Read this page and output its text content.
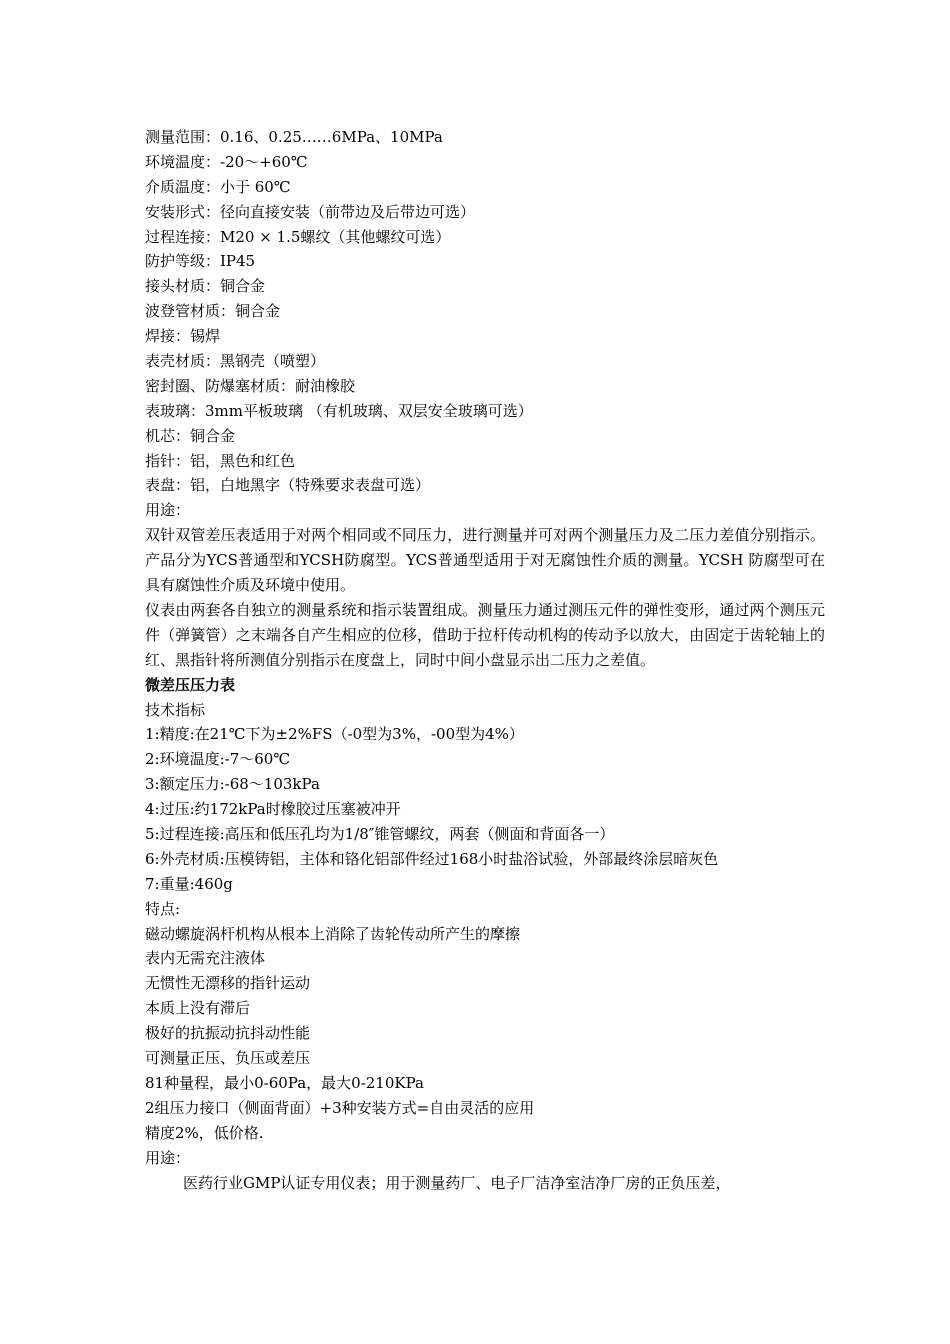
测量范围：0.16、0.25……6MPa、10MPa
环境温度：-20～+60℃
介质温度：小于 60℃
安装形式：径向直接安装（前带边及后带边可选）
过程连接：M20 × 1.5螺纹（其他螺纹可选）
防护等级：IP45
接头材质：铜合金
波登管材质：铜合金
焊接：锡焊
表壳材质：黑钢壳（喷塑）
密封圈、防爆塞材质：耐油橡胶
表玻璃：3mm平板玻璃 （有机玻璃、双层安全玻璃可选）
机芯：铜合金
指针：铝，黑色和红色
表盘：铝，白地黑字（特殊要求表盘可选）
用途：

双针双管差压表适用于对两个相同或不同压力，进行测量并可对两个测量压力及二压力差值分别指示。产品分为YCS普通型和YCSH防腐型。YCS普通型适用于对无腐蚀性介质的测量。YCSH 防腐型可在具有腐蚀性介质及环境中使用。

仪表由两套各自独立的测量系统和指示装置组成。测量压力通过测压元件的弹性变形，通过两个测压元件（弹簧管）之末端各自产生相应的位移，借助于拉杆传动机构的传动予以放大，由固定于齿轮轴上的红、黑指针将所测值分别指示在度盘上，同时中间小盘显示出二压力之差值。

微差压压力表
技术指标
1:精度:在21℃下为±2%FS（-0型为3%，-00型为4%）
2:环境温度:-7～60℃
3:额定压力:-68～103kPa
4:过压:约172kPa时橡胶过压塞被冲开
5:过程连接:高压和低压孔均为1/8″锥管螺纹，两套（侧面和背面各一）
6:外壳材质:压模铸铝，主体和铬化铝部件经过168小时盐浴试验，外部最终涂层暗灰色
7:重量:460g
特点:
磁动螺旋涡杆机构从根本上消除了齿轮传动所产生的摩擦
表内无需充注液体
无惯性无漂移的指针运动
本质上没有滞后
极好的抗振动抗抖动性能
可测量正压、负压或差压
81种量程，最小0-60Pa，最大0-210KPa
2组压力接口（侧面背面）+3种安装方式=自由灵活的应用
精度2%，低价格.
用途：
医药行业GMP认证专用仪表；用于测量药厂、电子厂洁净室洁净厂房的正负压差，
